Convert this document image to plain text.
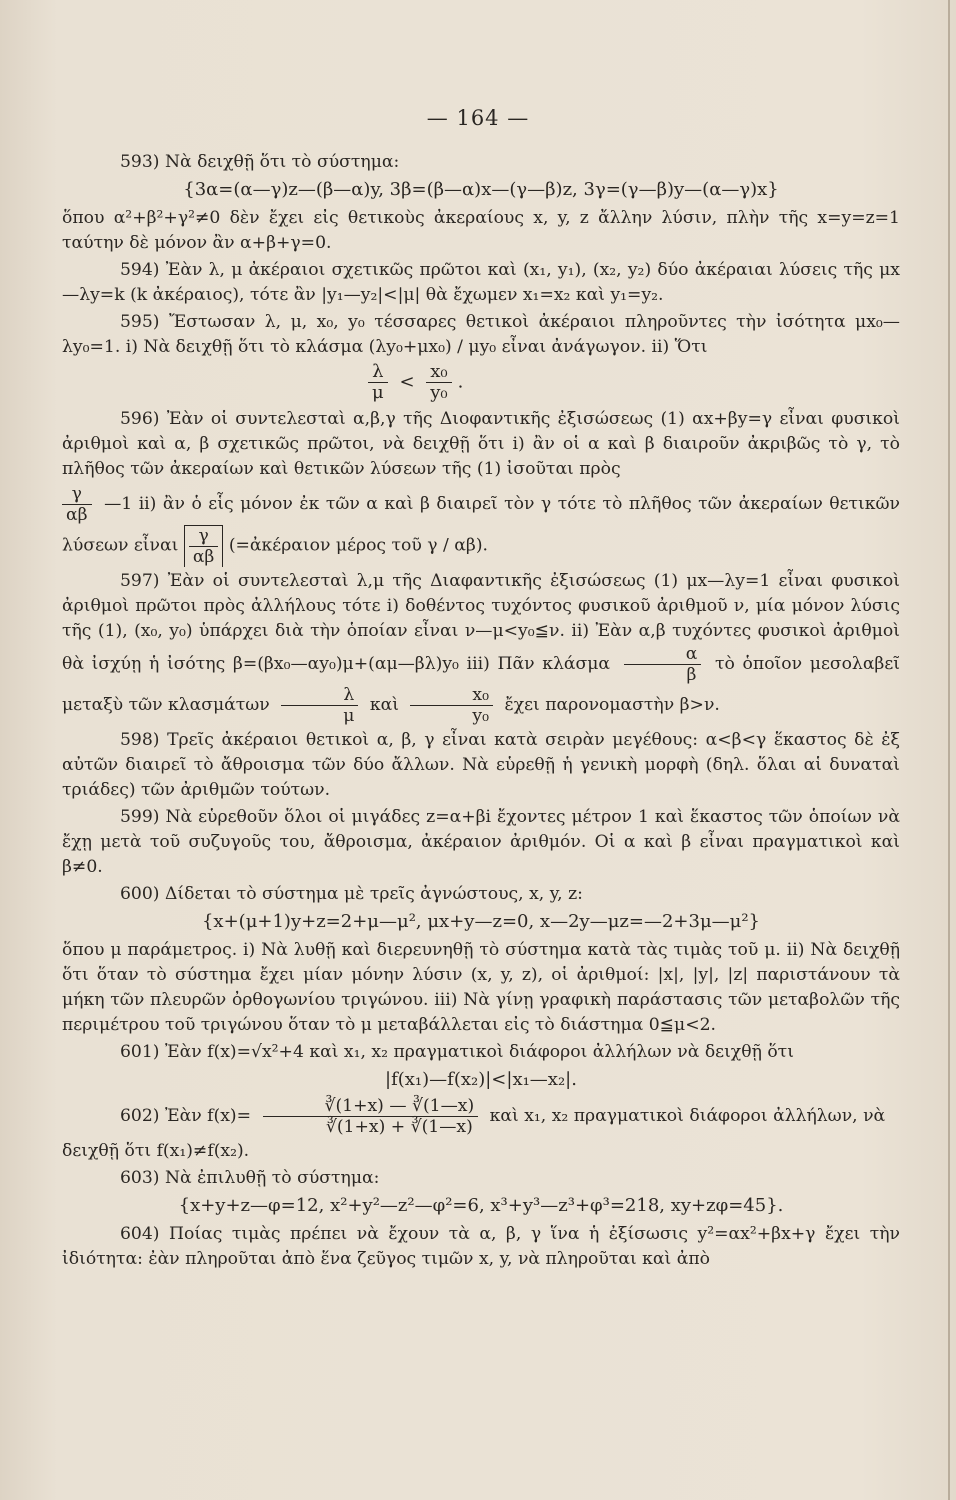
— 164 —

593) Νὰ δειχθῇ ὅτι τὸ σύστημα:

{3α=(α—γ)z—(β—α)y, 3β=(β—α)x—(γ—β)z, 3γ=(γ—β)y—(α—γ)x}

ὅπου α²+β²+γ²≠0 δὲν ἔχει εἰς θετικοὺς ἀκεραίους x, y, z ἄλλην λύσιν, πλὴν τῆς x=y=z=1 ταύτην δὲ μόνον ἂν α+β+γ=0.

594) Ἐὰν λ, μ ἀκέραιοι σχετικῶς πρῶτοι καὶ (x₁, y₁), (x₂, y₂) δύο ἀκέραιαι λύσεις τῆς μx—λy=k (k ἀκέραιος), τότε ἂν |y₁—y₂|<|μ| θὰ ἔχωμεν x₁=x₂ καὶ y₁=y₂.

595) Ἔστωσαν λ, μ, x₀, y₀ τέσσαρες θετικοὶ ἀκέραιοι πληροῦντες τὴν ἰσότητα μx₀—λy₀=1. i) Νὰ δειχθῇ ὅτι τὸ κλάσμα (λy₀+μx₀) / μy₀ εἶναι ἀνάγωγον. ii) Ὅτι

$\frac{\lambda}{\mu} < \frac{\text{x₀}}{\text{y₀}}$ .

596) Ἐὰν οἱ συντελεσταὶ α,β,γ τῆς Διοφαντικῆς ἐξισώσεως (1) αx+βy=γ εἶναι φυσικοὶ ἀριθμοὶ καὶ α, β σχετικῶς πρῶτοι, νὰ δειχθῇ ὅτι i) ἂν οἱ α καὶ β διαιροῦν ἀκριβῶς τὸ γ, τὸ πλῆθος τῶν ἀκεραίων καὶ θετικῶν λύσεων τῆς (1) ἰσοῦται πρὸς

$\frac{\gamma}{\alpha\beta}$ —1 ii) ἂν ὁ εἷς μόνον ἐκ τῶν α καὶ β διαιρεῖ τὸν γ τότε τὸ πλῆθος τῶν ἀκεραίων θετικῶν λύσεων εἶναι $\frac{\gamma}{\alpha\beta}$ (=ἀκέραιον μέρος τοῦ γ / αβ).

597) Ἐὰν οἱ συντελεσταὶ λ,μ τῆς Διαφαντικῆς ἐξισώσεως (1) μx—λy=1 εἶναι φυσικοὶ ἀριθμοὶ πρῶτοι πρὸς ἀλλήλους τότε i) δοθέντος τυχόντος φυσικοῦ ἀριθμοῦ ν, μία μόνον λύσις τῆς (1), (x₀, y₀) ὑπάρχει διὰ τὴν ὁποίαν εἶναι ν—μ<y₀≦ν. ii) Ἐὰν α,β τυχόντες φυσικοὶ ἀριθμοὶ θὰ ἰσχύῃ ἡ ἰσότης β=(βx₀—αy₀)μ+(αμ—βλ)y₀ iii) Πᾶν κλάσμα $\frac{\alpha}{\beta}$ τὸ ὁποῖον μεσολαβεῖ μεταξὺ τῶν κλασμάτων $\frac{\lambda}{\mu}$ καὶ $\frac{\text{x₀}}{\text{y₀}}$ ἔχει παρονομαστὴν β>ν.

598) Τρεῖς ἀκέραιοι θετικοὶ α, β, γ εἶναι κατὰ σειρὰν μεγέθους: α<β<γ ἕκαστος δὲ ἐξ αὐτῶν διαιρεῖ τὸ ἄθροισμα τῶν δύο ἄλλων. Νὰ εὑρεθῇ ἡ γενικὴ μορφὴ (δηλ. ὅλαι αἱ δυναταὶ τριάδες) τῶν ἀριθμῶν τούτων.

599) Νὰ εὑρεθοῦν ὅλοι οἱ μιγάδες z=α+βi ἔχοντες μέτρον 1 καὶ ἕκαστος τῶν ὁποίων νὰ ἔχῃ μετὰ τοῦ συζυγοῦς του, ἄθροισμα, ἀκέραιον ἀριθμόν. Οἱ α καὶ β εἶναι πραγματικοὶ καὶ β≠0.

600) Δίδεται τὸ σύστημα μὲ τρεῖς ἀγνώστους, x, y, z:

{x+(μ+1)y+z=2+μ—μ², μx+y—z=0, x—2y—μz=—2+3μ—μ²}

ὅπου μ παράμετρος. i) Νὰ λυθῇ καὶ διερευνηθῇ τὸ σύστημα κατὰ τὰς τιμὰς τοῦ μ. ii) Νὰ δειχθῇ ὅτι ὅταν τὸ σύστημα ἔχει μίαν μόνην λύσιν (x, y, z), οἱ ἀριθμοί: |x|, |y|, |z| παριστάνουν τὰ μήκη τῶν πλευρῶν ὀρθογωνίου τριγώνου. iii) Νὰ γίνῃ γραφικὴ παράστασις τῶν μεταβολῶν τῆς περιμέτρου τοῦ τριγώνου ὅταν τὸ μ μεταβάλλεται εἰς τὸ διάστημα 0≦μ<2.

601) Ἐὰν f(x)=√x²+4 καὶ x₁, x₂ πραγματικοὶ διάφοροι ἀλλήλων νὰ δειχθῇ ὅτι

|f(x₁)—f(x₂)|<|x₁—x₂|.

602) Ἐὰν $f(x)= \frac{∛(1+x) — ∛(1—x)}{∛(1+x) + ∛(1—x)}$ καὶ x₁, x₂ πραγματικοὶ διάφοροι ἀλλήλων, νὰ

δειχθῇ ὅτι f(x₁)≠f(x₂).

603) Νὰ ἐπιλυθῇ τὸ σύστημα:

{x+y+z—φ=12, x²+y²—z²—φ²=6, x³+y³—z³+φ³=218, xy+zφ=45}.

604) Ποίας τιμὰς πρέπει νὰ ἔχουν τὰ α, β, γ ἵνα ἡ ἐξίσωσις y²=αx²+βx+γ ἔχει τὴν ἰδιότητα: ἐὰν πληροῦται ἀπὸ ἕνα ζεῦγος τιμῶν x, y, νὰ πληροῦται καὶ ἀπὸ
